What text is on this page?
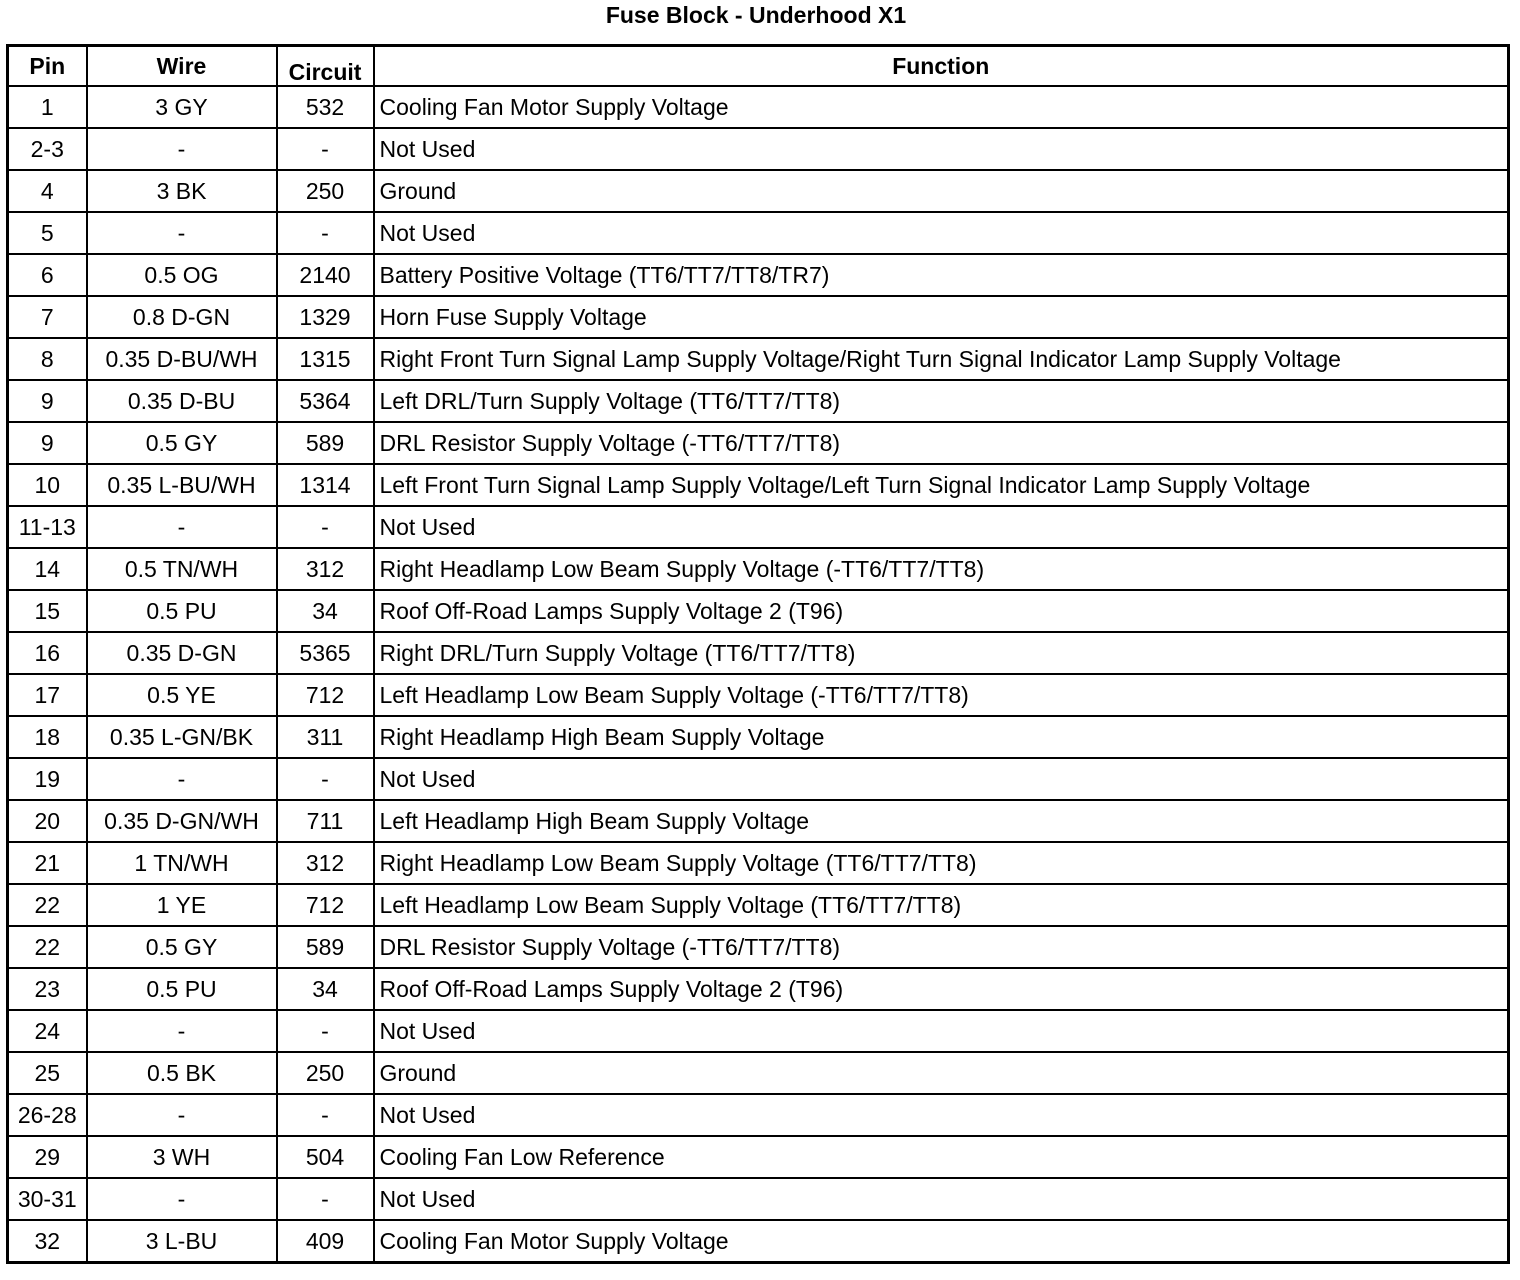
Fuse Block - Underhood X1
Pin	Wire	Circuit	Function
1	3 GY	532	Cooling Fan Motor Supply Voltage
2-3	-	-	Not Used
4	3 BK	250	Ground
5	-	-	Not Used
6	0.5 OG	2140	Battery Positive Voltage (TT6/TT7/TT8/TR7)
7	0.8 D-GN	1329	Horn Fuse Supply Voltage
8	0.35 D-BU/WH	1315	Right Front Turn Signal Lamp Supply Voltage/Right Turn Signal Indicator Lamp Supply Voltage
9	0.35 D-BU	5364	Left DRL/Turn Supply Voltage (TT6/TT7/TT8)
9	0.5 GY	589	DRL Resistor Supply Voltage (-TT6/TT7/TT8)
10	0.35 L-BU/WH	1314	Left Front Turn Signal Lamp Supply Voltage/Left Turn Signal Indicator Lamp Supply Voltage
11-13	-	-	Not Used
14	0.5 TN/WH	312	Right Headlamp Low Beam Supply Voltage (-TT6/TT7/TT8)
15	0.5 PU	34	Roof Off-Road Lamps Supply Voltage 2 (T96)
16	0.35 D-GN	5365	Right DRL/Turn Supply Voltage (TT6/TT7/TT8)
17	0.5 YE	712	Left Headlamp Low Beam Supply Voltage (-TT6/TT7/TT8)
18	0.35 L-GN/BK	311	Right Headlamp High Beam Supply Voltage
19	-	-	Not Used
20	0.35 D-GN/WH	711	Left Headlamp High Beam Supply Voltage
21	1 TN/WH	312	Right Headlamp Low Beam Supply Voltage (TT6/TT7/TT8)
22	1 YE	712	Left Headlamp Low Beam Supply Voltage (TT6/TT7/TT8)
22	0.5 GY	589	DRL Resistor Supply Voltage (-TT6/TT7/TT8)
23	0.5 PU	34	Roof Off-Road Lamps Supply Voltage 2 (T96)
24	-	-	Not Used
25	0.5 BK	250	Ground
26-28	-	-	Not Used
29	3 WH	504	Cooling Fan Low Reference
30-31	-	-	Not Used
32	3 L-BU	409	Cooling Fan Motor Supply Voltage
